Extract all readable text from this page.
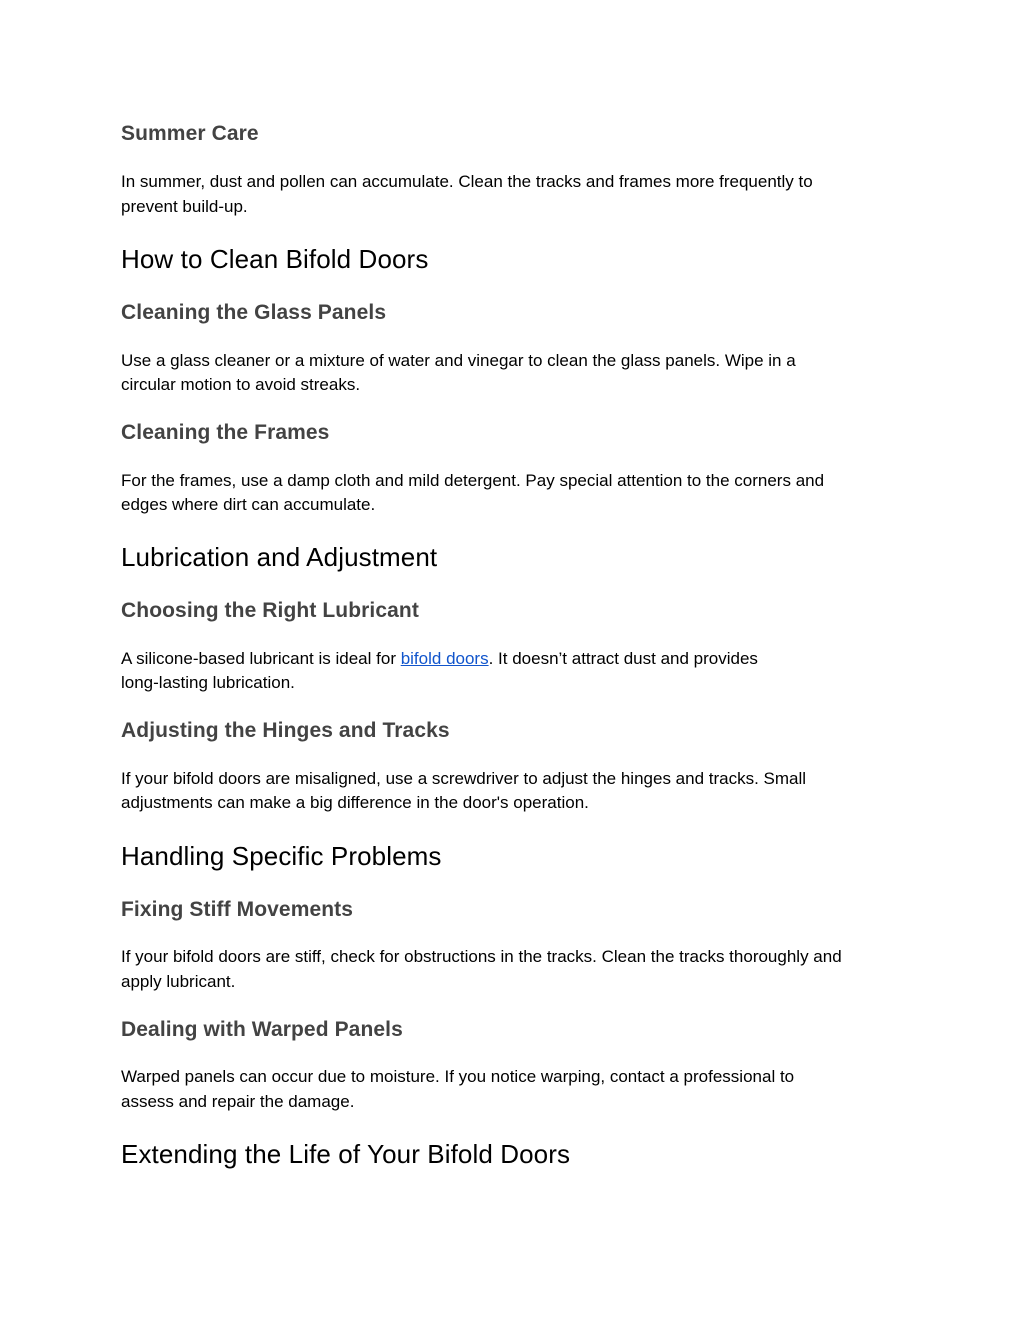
Summer Care

In summer, dust and pollen can accumulate. Clean the tracks and frames more frequently to

prevent build-up.

How to Clean Bifold Doors
Cleaning the Glass Panels

Use a glass cleaner or a mixture of water and vinegar to clean the glass panels. Wipe in a

circular motion to avoid streaks.

Cleaning the Frames

For the frames, use a damp cloth and mild detergent. Pay special attention to the corners and

edges where dirt can accumulate.

Lubrication and Adjustment
Choosing the Right Lubricant

A silicone-based lubricant is ideal for bifold doors. It doesn’t attract dust and provides

long-lasting lubrication.

Adjusting the Hinges and Tracks

If your bifold doors are misaligned, use a screwdriver to adjust the hinges and tracks. Small

adjustments can make a big difference in the door's operation.

Handling Specific Problems
Fixing Stiff Movements

If your bifold doors are stiff, check for obstructions in the tracks. Clean the tracks thoroughly and

apply lubricant.

Dealing with Warped Panels

Warped panels can occur due to moisture. If you notice warping, contact a professional to

assess and repair the damage.

Extending the Life of Your Bifold Doors
